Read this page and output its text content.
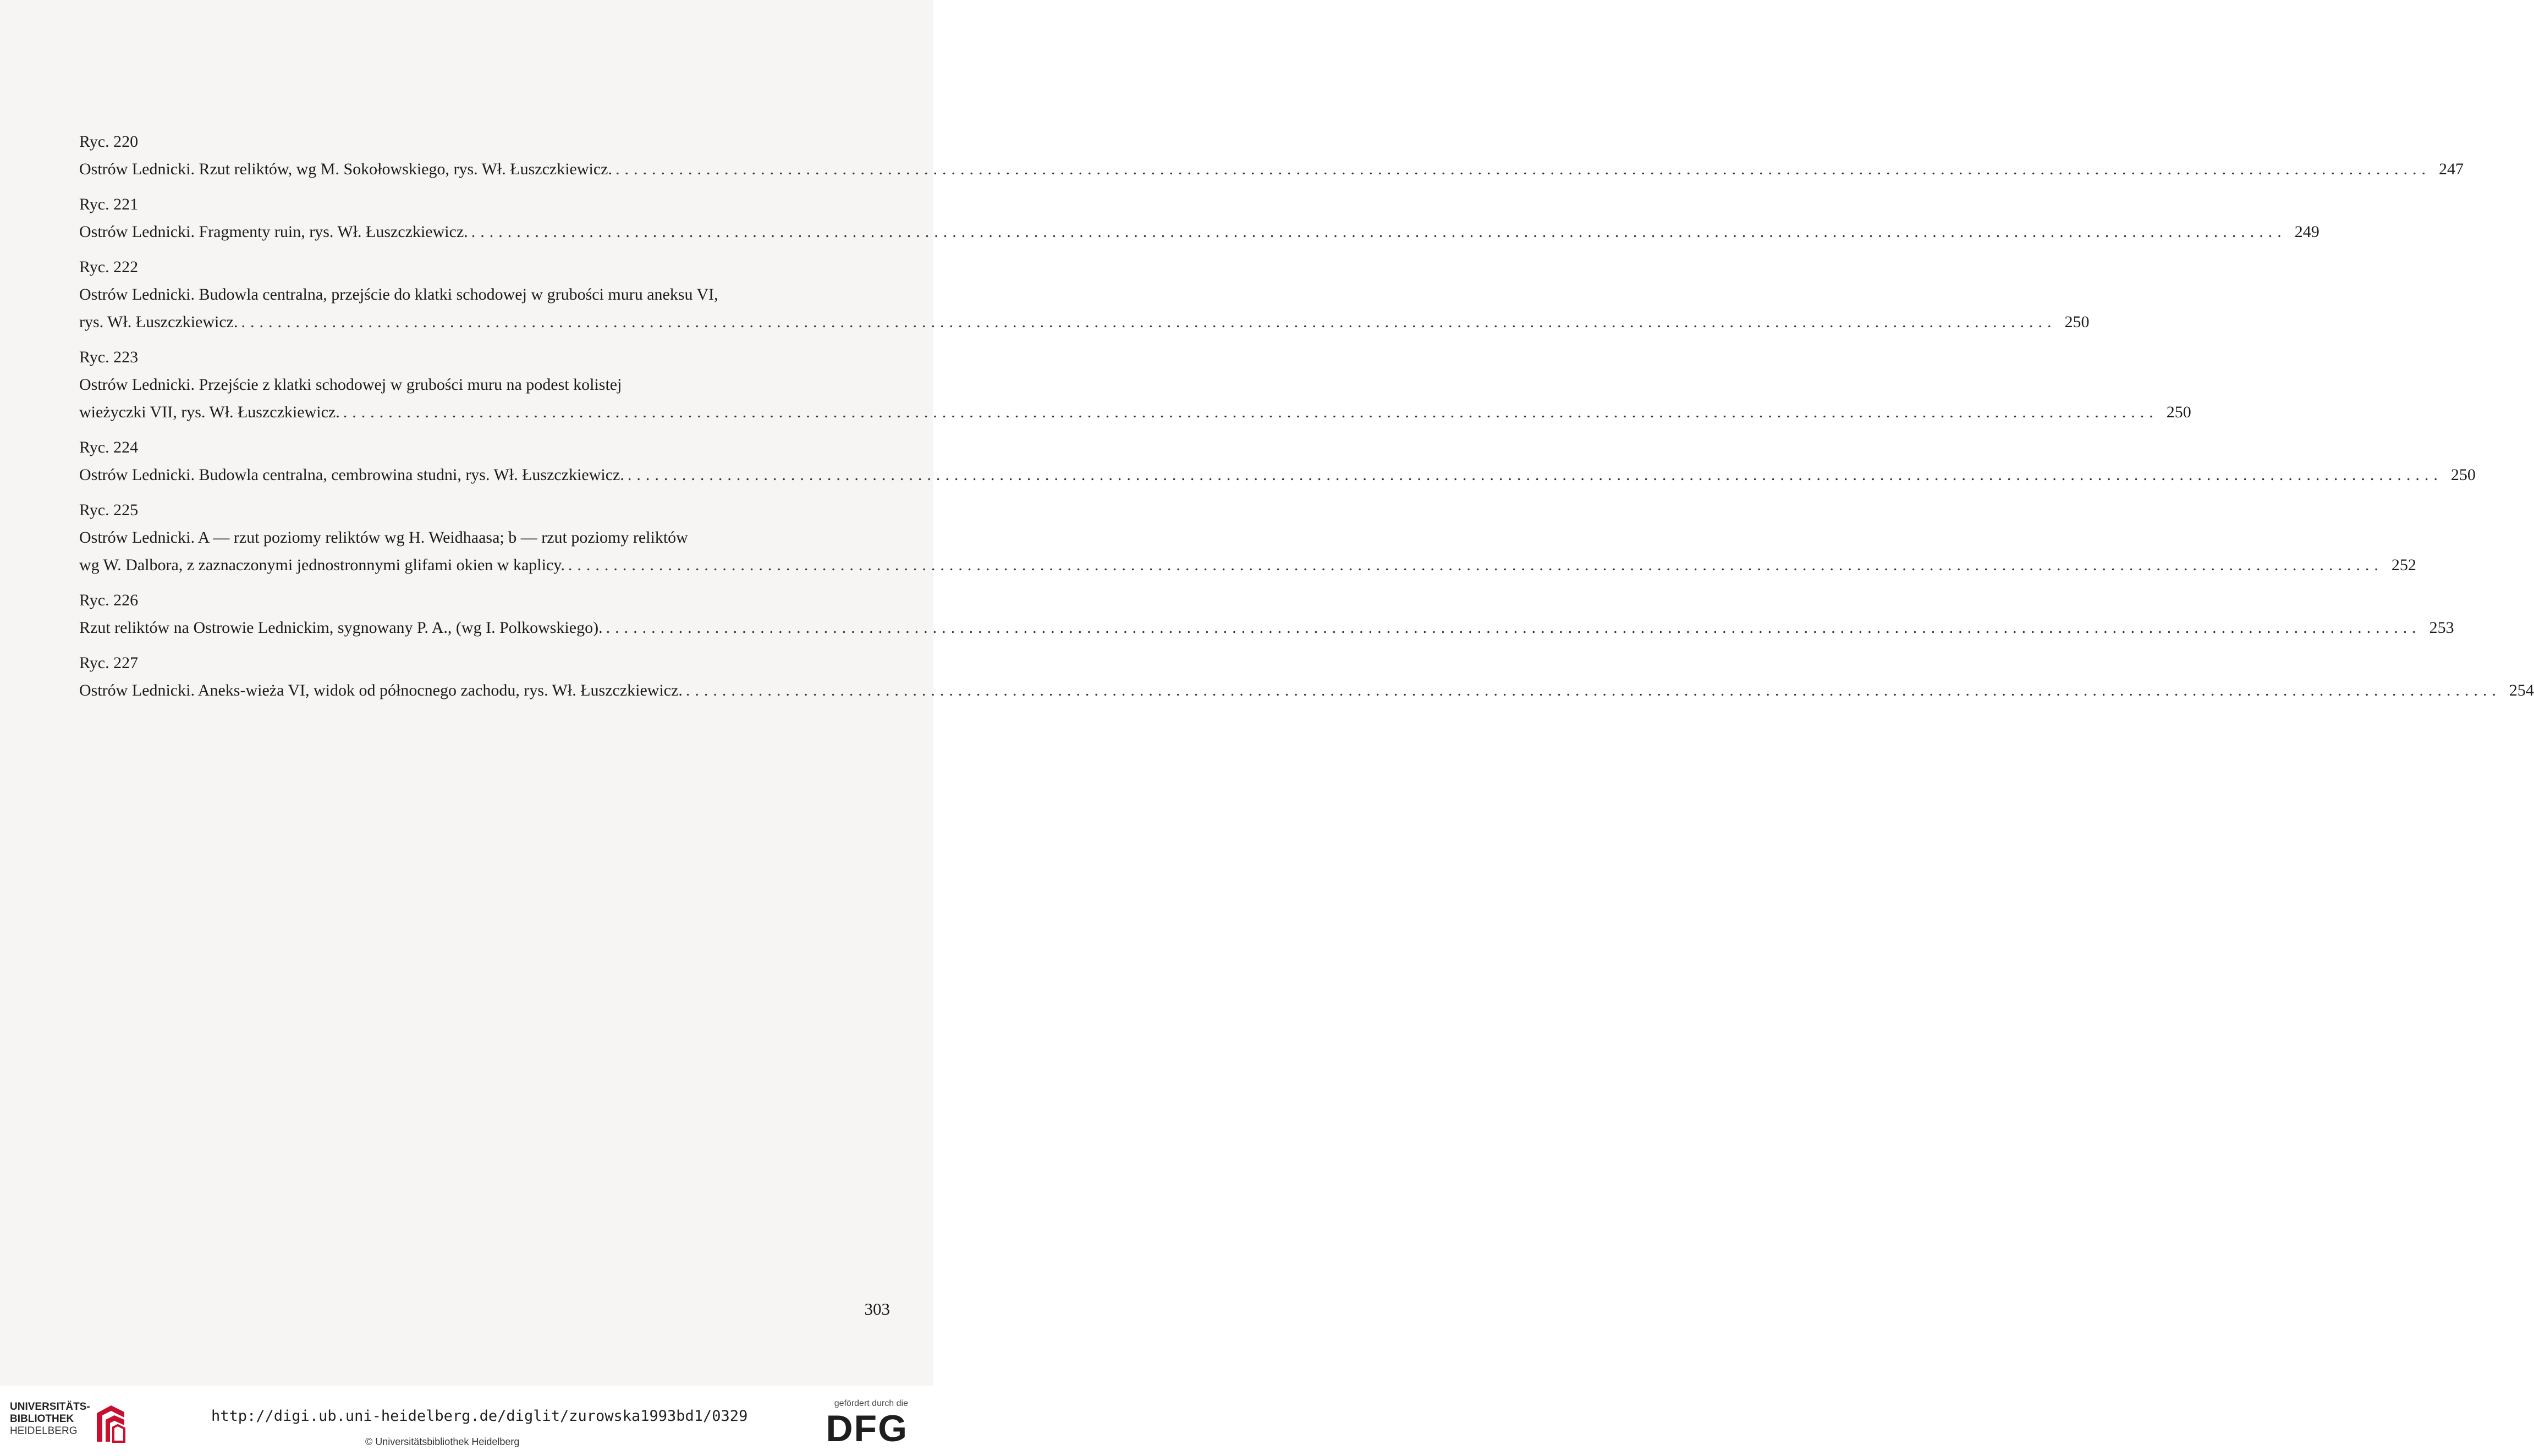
Ryc. 220
Ostrów Lednicki. Rzut reliktów, wg M. Sokołowskiego, rys. Wł. Łuszczkiewicz. ........................................................................................................................................................................................................ 247
Ryc. 221
Ostrów Lednicki. Fragmenty ruin, rys. Wł. Łuszczkiewicz. ........................................................................................................................................................................................................ 249
Ryc. 222
Ostrów Lednicki. Budowla centralna, przejście do klatki schodowej w grubości muru aneksu VI,
rys. Wł. Łuszczkiewicz. ........................................................................................................................................................................................................ 250
Ryc. 223
Ostrów Lednicki. Przejście z klatki schodowej w grubości muru na podest kolistej
wieżyczki VII, rys. Wł. Łuszczkiewicz. ........................................................................................................................................................................................................ 250
Ryc. 224
Ostrów Lednicki. Budowla centralna, cembrowina studni, rys. Wł. Łuszczkiewicz. ........................................................................................................................................................................................................ 250
Ryc. 225
Ostrów Lednicki. A — rzut poziomy reliktów wg H. Weidhaasa; b — rzut poziomy reliktów
wg W. Dalbora, z zaznaczonymi jednostronnymi glifami okien w kaplicy. ........................................................................................................................................................................................................ 252
Ryc. 226
Rzut reliktów na Ostrowie Lednickim, sygnowany P. A., (wg I. Polkowskiego). ........................................................................................................................................................................................................ 253
Ryc. 227
Ostrów Lednicki. Aneks-wieża VI, widok od północnego zachodu, rys. Wł. Łuszczkiewicz. ........................................................................................................................................................................................................ 254
303
UNIVERSITÄTS-
BIBLIOTHEK
HEIDELBERG
http://digi.ub.uni-heidelberg.de/diglit/zurowska1993bd1/0329
© Universitätsbibliothek Heidelberg
gefördert durch die
DFG
